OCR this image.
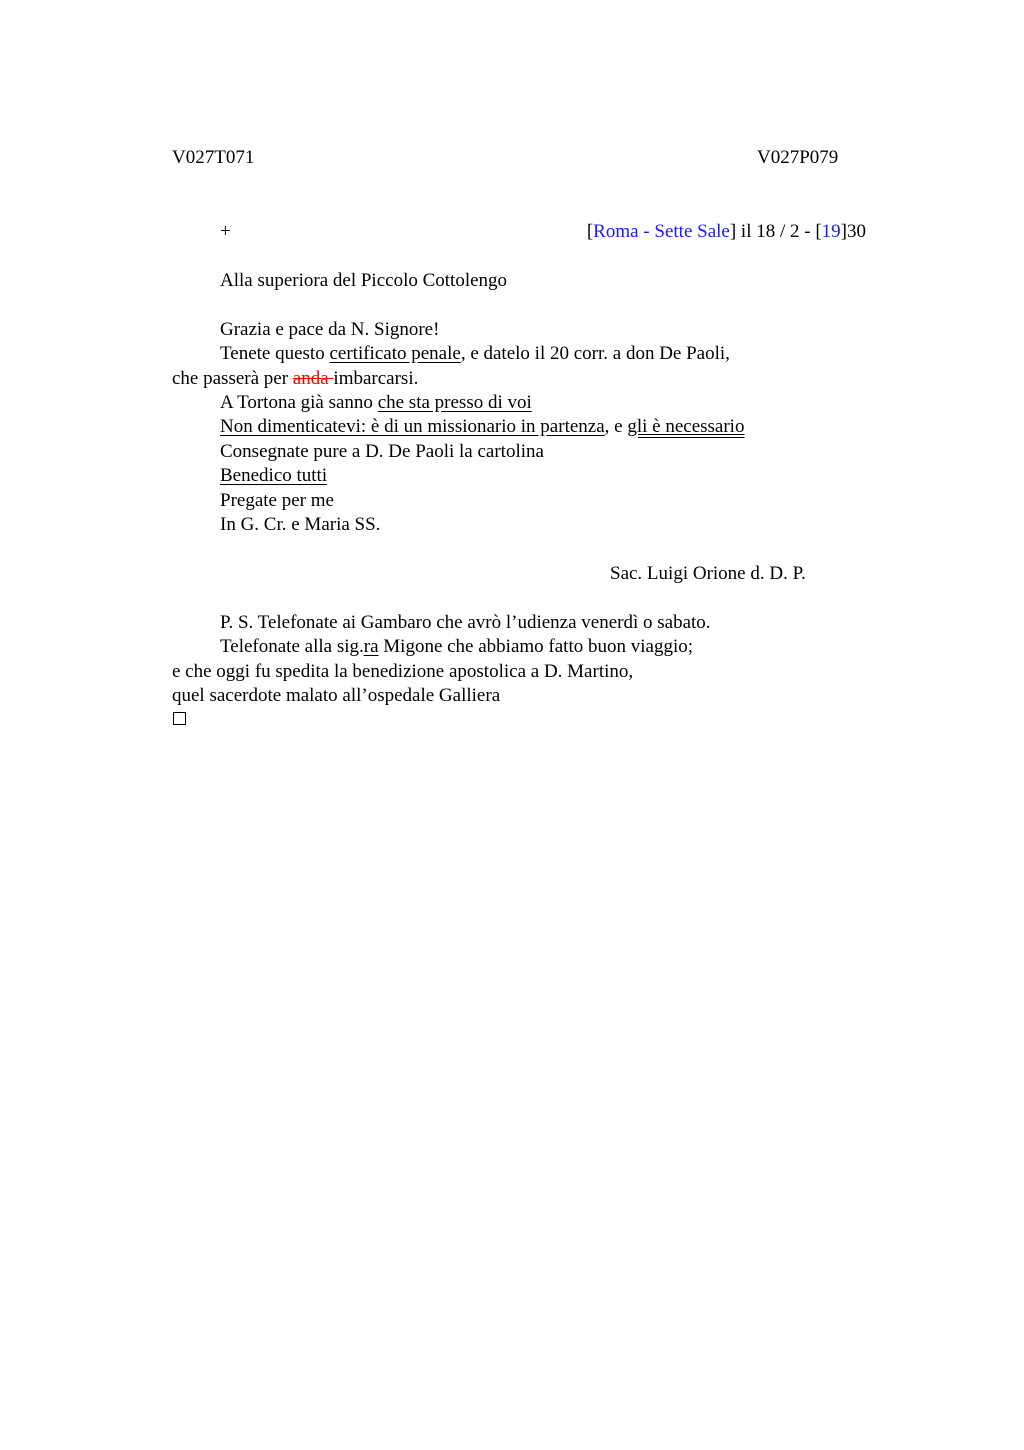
V027T071	V027P079
+	[Roma - Sette Sale] il 18 / 2 - [19]30
Alla superiora del Piccolo Cottolengo
Grazia e pace da N. Signore!
Tenete questo certificato penale, e datelo il 20 corr. a don De Paoli,
che passerà per anda imbarcarsi.
A Tortona già sanno che sta presso di voi
Non dimenticatevi: è di un missionario in partenza, e gli è necessario
Consegnate pure a D. De Paoli la cartolina
Benedico tutti
Pregate per me
In G. Cr. e Maria SS.
Sac. Luigi Orione d. D. P.
P. S. Telefonate ai Gambaro che avrò l’udienza venerdì o sabato.
Telefonate alla sig.ra Migone che abbiamo fatto buon viaggio;
e che oggi fu spedita la benedizione apostolica a D. Martino,
quel sacerdote malato all’ospedale Galliera
